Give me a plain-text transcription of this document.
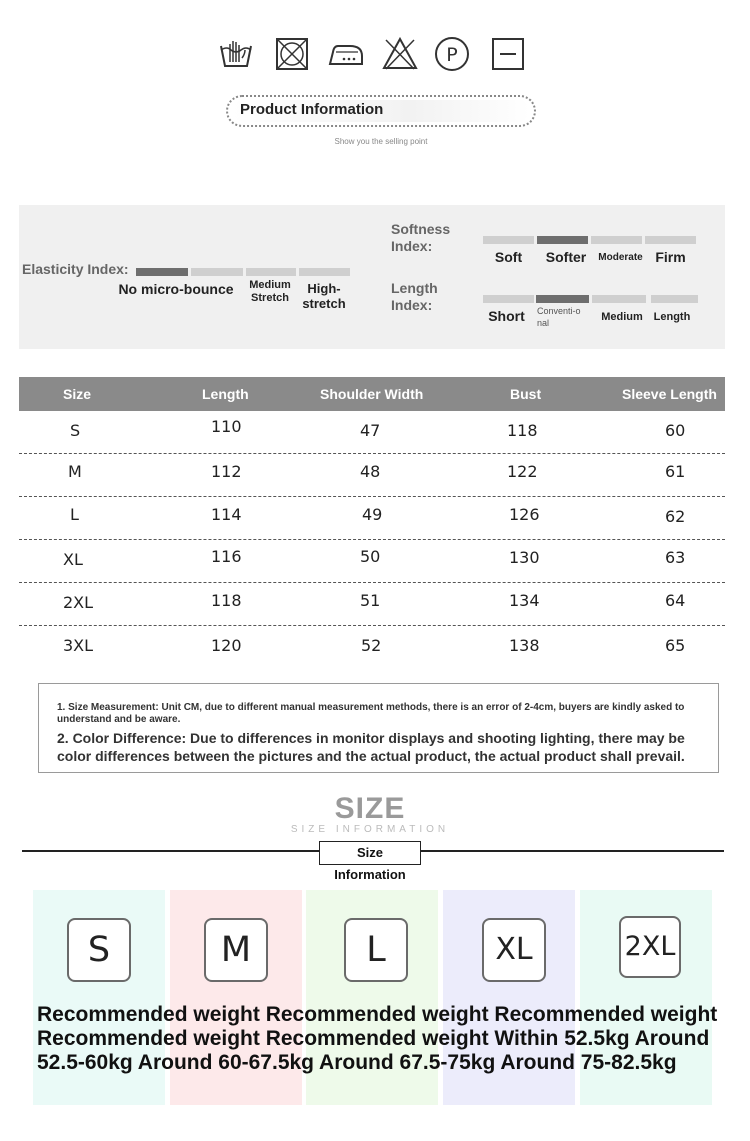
P
Product Information
Show you the selling point
Elasticity Index:
No micro-bounce	Medium Stretch
High-stretch
Softness Index:
Soft	Softer	Moderate Firm
Length Index:
Short	Conventi-onal	Medium Length
Size	Length	Shoulder Width	Bust	Sleeve Length
S	110	47	118	60
M	112	48	122	61
L	114	49	126	62
XL	116	50	130	63
2XL	118	51	134	64
3XL	120	52	138	65
1. Size Measurement: Unit CM, due to different manual measurement methods, there is an error of 2-4cm, buyers are kindly asked to understand and be aware.
2. Color Difference: Due to differences in monitor displays and shooting lighting, there may be color differences between the pictures and the actual product, the actual product shall prevail.
SIZE
SIZE INFORMATION
Size Information
S	M	L	XL	2XL
Recommended weight Recommended weight Recommended weight
Recommended weight Recommended weight Within 52.5kg Around
52.5-60kg Around 60-67.5kg Around 67.5-75kg Around 75-82.5kg
